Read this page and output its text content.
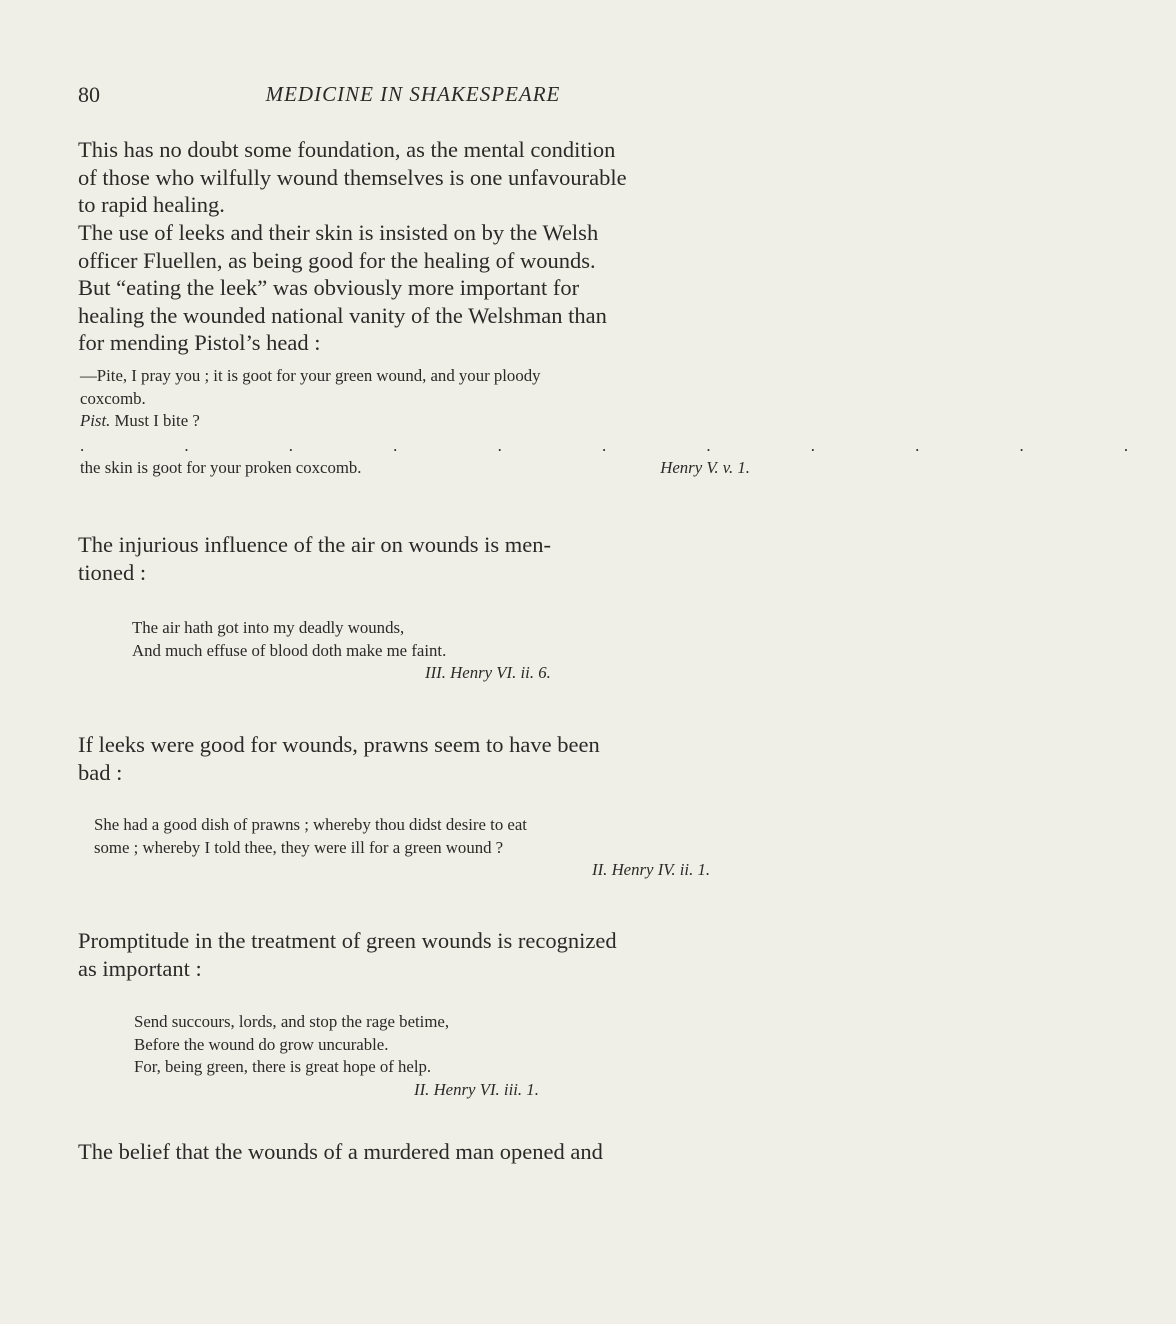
80	MEDICINE IN SHAKESPEARE

This has no doubt some foundation, as the mental condition
of those who wilfully wound themselves is one unfavourable
to rapid healing.

The use of leeks and their skin is insisted on by the Welsh
officer Fluellen, as being good for the healing of wounds.
But “eating the leek” was obviously more important for
healing the wounded national vanity of the Welshman than
for mending Pistol’s head :

—Pite, I pray you ; it is goot for your green wound, and your ploody
coxcomb.
Pist. Must I bite ?
. . . . . . . . . . .
the skin is goot for your proken coxcomb.	Henry V. v. 1.

The injurious influence of the air on wounds is men-
tioned :

The air hath got into my deadly wounds,
And much effuse of blood doth make me faint.
III. Henry VI. ii. 6.

If leeks were good for wounds, prawns seem to have been
bad :

She had a good dish of prawns ; whereby thou didst desire to eat
some ; whereby I told thee, they were ill for a green wound ?
II. Henry IV. ii. 1.

Promptitude in the treatment of green wounds is recognized
as important :

Send succours, lords, and stop the rage betime,
Before the wound do grow uncurable.
For, being green, there is great hope of help.
II. Henry VI. iii. 1.

The belief that the wounds of a murdered man opened and
